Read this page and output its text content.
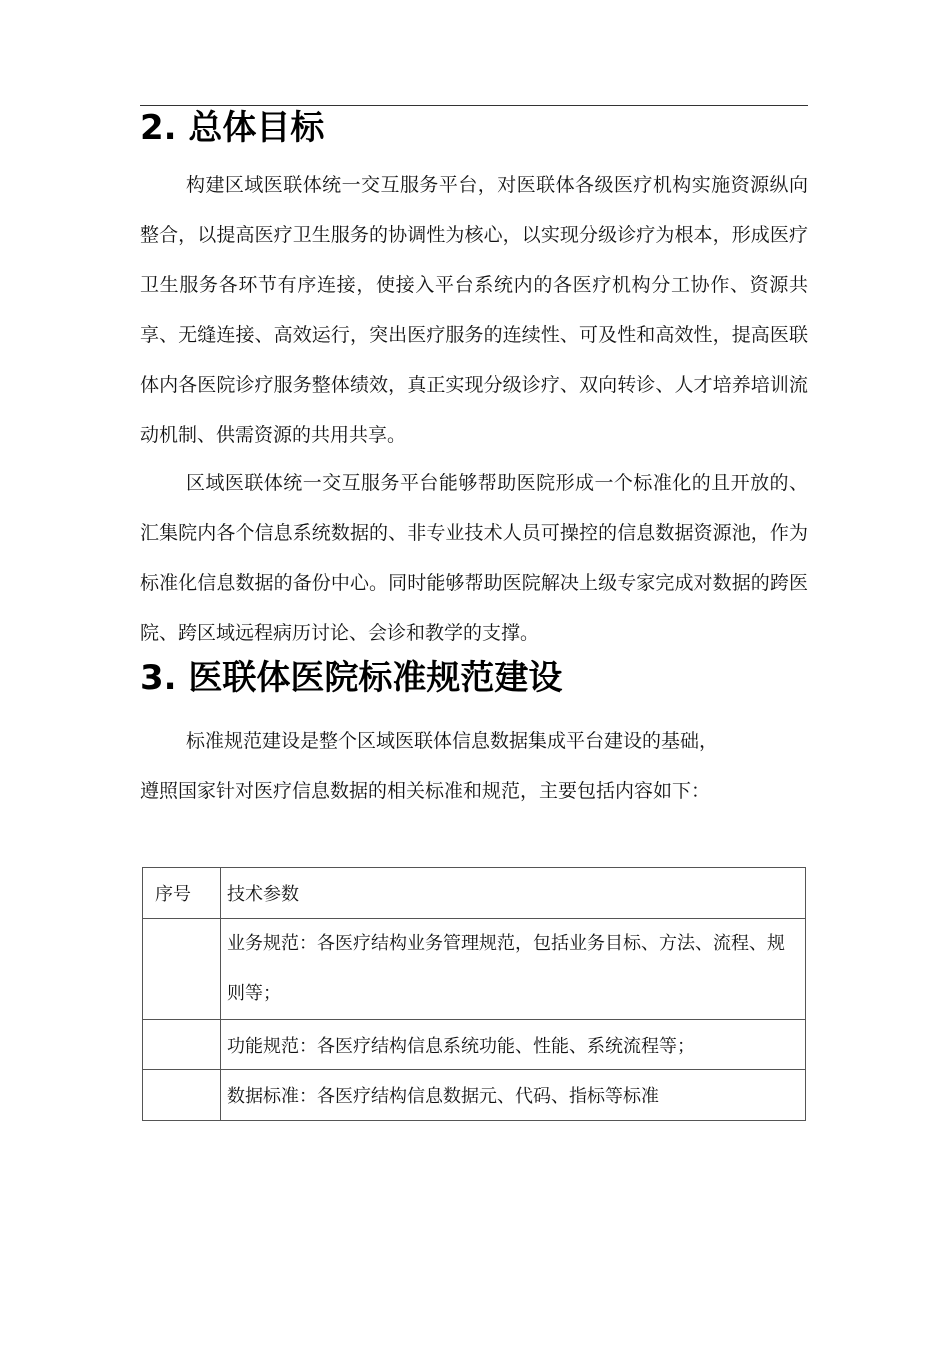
2. 总体目标

构建区域医联体统一交互服务平台，对医联体各级医疗机构实施资源纵向整合，以提高医疗卫生服务的协调性为核心，以实现分级诊疗为根本，形成医疗卫生服务各环节有序连接，使接入平台系统内的各医疗机构分工协作、资源共享、无缝连接、高效运行，突出医疗服务的连续性、可及性和高效性，提高医联体内各医院诊疗服务整体绩效，真正实现分级诊疗、双向转诊、人才培养培训流动机制、供需资源的共用共享。

区域医联体统一交互服务平台能够帮助医院形成一个标准化的且开放的、汇集院内各个信息系统数据的、非专业技术人员可操控的信息数据资源池，作为标准化信息数据的备份中心。同时能够帮助医院解决上级专家完成对数据的跨医院、跨区域远程病历讨论、会诊和教学的支撑。

3. 医联体医院标准规范建设

标准规范建设是整个区域医联体信息数据集成平台建设的基础，遵照国家针对医疗信息数据的相关标准和规范，主要包括内容如下：

序号	技术参数
	业务规范：各医疗结构业务管理规范，包括业务目标、方法、流程、规则等；
	功能规范：各医疗结构信息系统功能、性能、系统流程等；
	数据标准：各医疗结构信息数据元、代码、指标等标准
